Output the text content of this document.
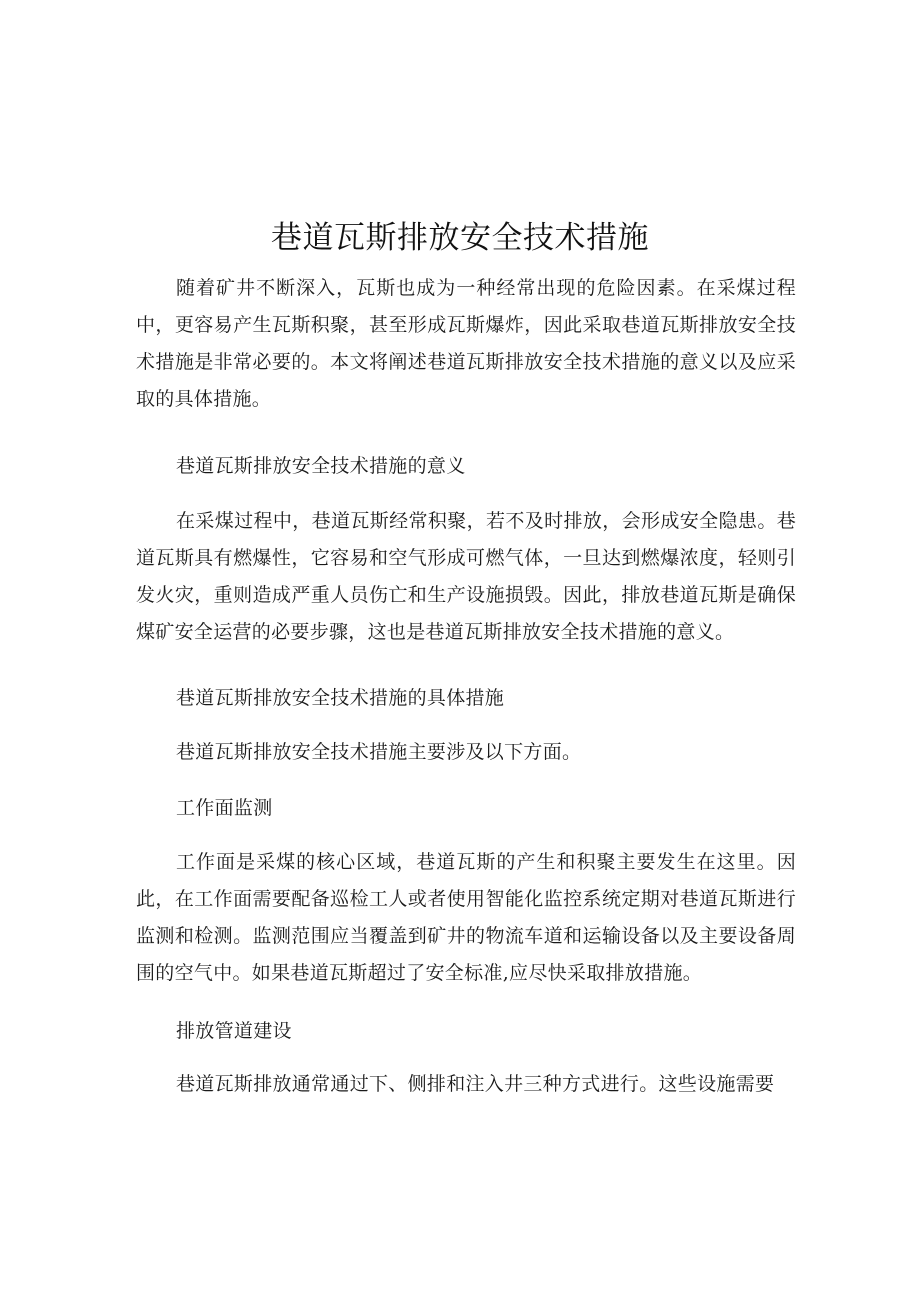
巷道瓦斯排放安全技术措施

随着矿井不断深入，瓦斯也成为一种经常出现的危险因素。在采煤过程中，更容易产生瓦斯积聚，甚至形成瓦斯爆炸，因此采取巷道瓦斯排放安全技术措施是非常必要的。本文将阐述巷道瓦斯排放安全技术措施的意义以及应采取的具体措施。

巷道瓦斯排放安全技术措施的意义

在采煤过程中，巷道瓦斯经常积聚，若不及时排放，会形成安全隐患。巷道瓦斯具有燃爆性，它容易和空气形成可燃气体，一旦达到燃爆浓度，轻则引发火灾，重则造成严重人员伤亡和生产设施损毁。因此，排放巷道瓦斯是确保煤矿安全运营的必要步骤，这也是巷道瓦斯排放安全技术措施的意义。

巷道瓦斯排放安全技术措施的具体措施

巷道瓦斯排放安全技术措施主要涉及以下方面。

工作面监测

工作面是采煤的核心区域，巷道瓦斯的产生和积聚主要发生在这里。因此，在工作面需要配备巡检工人或者使用智能化监控系统定期对巷道瓦斯进行监测和检测。监测范围应当覆盖到矿井的物流车道和运输设备以及主要设备周围的空气中。如果巷道瓦斯超过了安全标准,应尽快采取排放措施。

排放管道建设

巷道瓦斯排放通常通过下、侧排和注入井三种方式进行。这些设施需要
